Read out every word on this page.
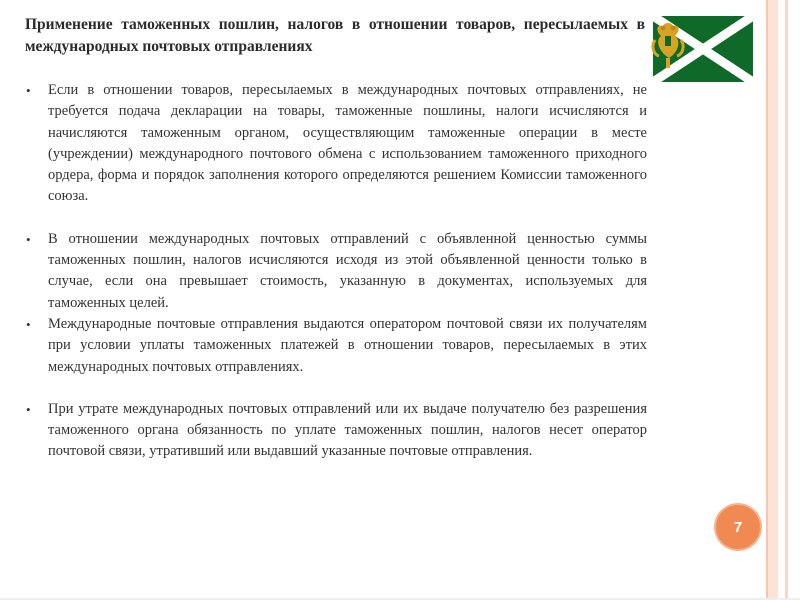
Применение таможенных пошлин, налогов в отношении товаров, пересылаемых в международных почтовых отправлениях

• Если в отношении товаров, пересылаемых в международных почтовых отправлениях, не требуется подача декларации на товары, таможенные пошлины, налоги исчисляются и начисляются таможенным органом, осуществляющим таможенные операции в месте (учреждении) международного почтового обмена с использованием таможенного приходного ордера, форма и порядок заполнения которого определяются решением Комиссии таможенного союза.

• В отношении международных почтовых отправлений с объявленной ценностью суммы таможенных пошлин, налогов исчисляются исходя из этой объявленной ценности только в случае, если она превышает стоимость, указанную в документах, используемых для таможенных целей.

• Международные почтовые отправления выдаются оператором почтовой связи их получателям при условии уплаты таможенных платежей в отношении товаров, пересылаемых в этих международных почтовых отправлениях.

• При утрате международных почтовых отправлений или их выдаче получателю без разрешения таможенного органа обязанность по уплате таможенных пошлин, налогов несет оператор почтовой связи, утративший или выдавший указанные почтовые отправления.

7
